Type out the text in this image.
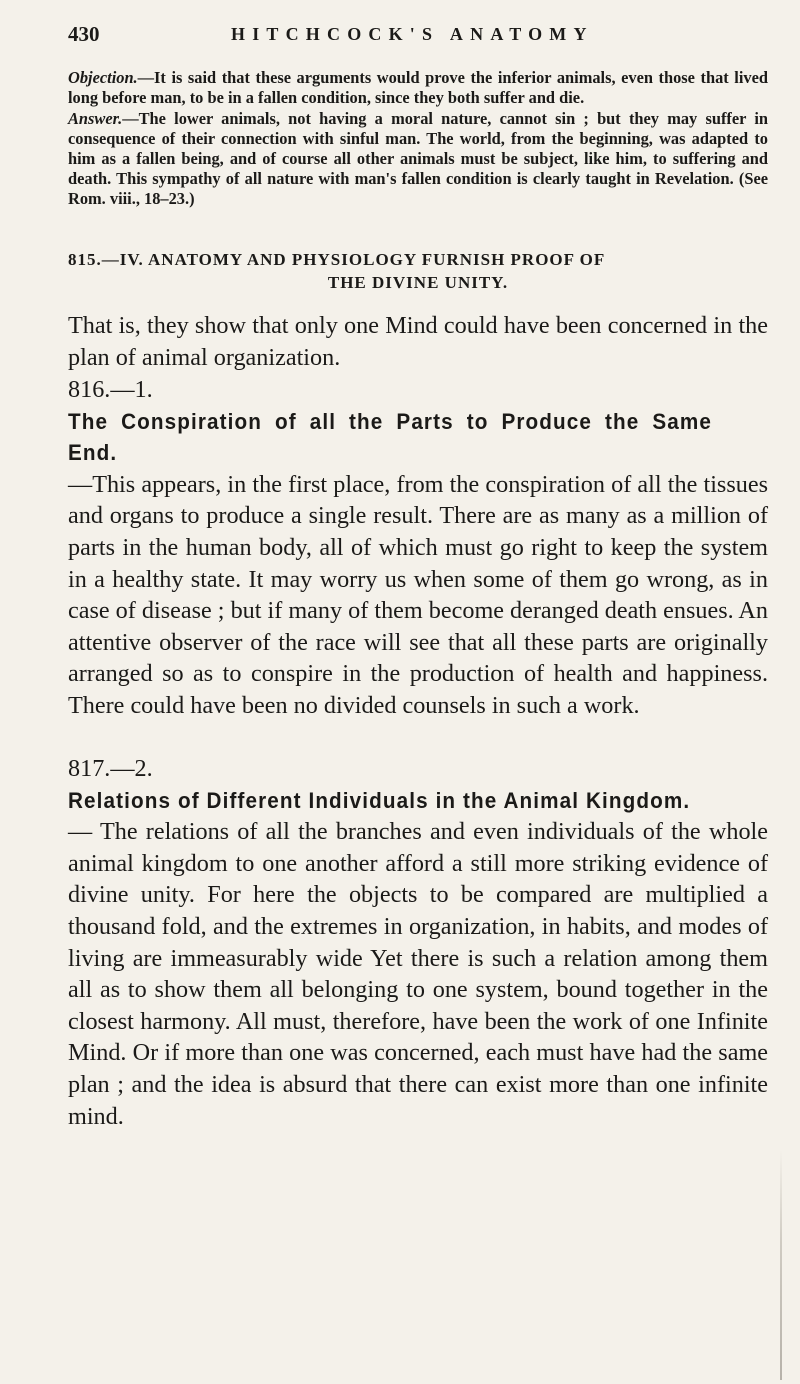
430	HITCHCOCK'S ANATOMY

Objection.—It is said that these arguments would prove the inferior animals, even those that lived long before man, to be in a fallen condition, since they both suffer and die.

Answer.—The lower animals, not having a moral nature, cannot sin ; but they may suffer in consequence of their connection with sinful man. The world, from the beginning, was adapted to him as a fallen being, and of course all other animals must be subject, like him, to suffering and death. This sympathy of all nature with man's fallen condition is clearly taught in Revelation. (See Rom. viii., 18–23.)

815.—IV. ANATOMY AND PHYSIOLOGY FURNISH PROOF OF
THE DIVINE UNITY.

That is, they show that only one Mind could have been concerned in the plan of animal organization.

816.—1. The Conspiration of all the Parts to Produce the Same End.—This appears, in the first place, from the conspiration of all the tissues and organs to produce a single result. There are as many as a million of parts in the human body, all of which must go right to keep the system in a healthy state. It may worry us when some of them go wrong, as in case of disease ; but if many of them become deranged death ensues. An attentive observer of the race will see that all these parts are originally arranged so as to conspire in the production of health and happiness. There could have been no divided counsels in such a work.

817.—2. Relations of Different Individuals in the Animal Kingdom.— The relations of all the branches and even individuals of the whole animal kingdom to one another afford a still more striking evidence of divine unity. For here the objects to be compared are multiplied a thousand fold, and the extremes in organization, in habits, and modes of living are immeasurably wide Yet there is such a relation among them all as to show them all belonging to one system, bound together in the closest harmony. All must, therefore, have been the work of one Infinite Mind. Or if more than one was concerned, each must have had the same plan ; and the idea is absurd that there can exist more than one infinite mind.
